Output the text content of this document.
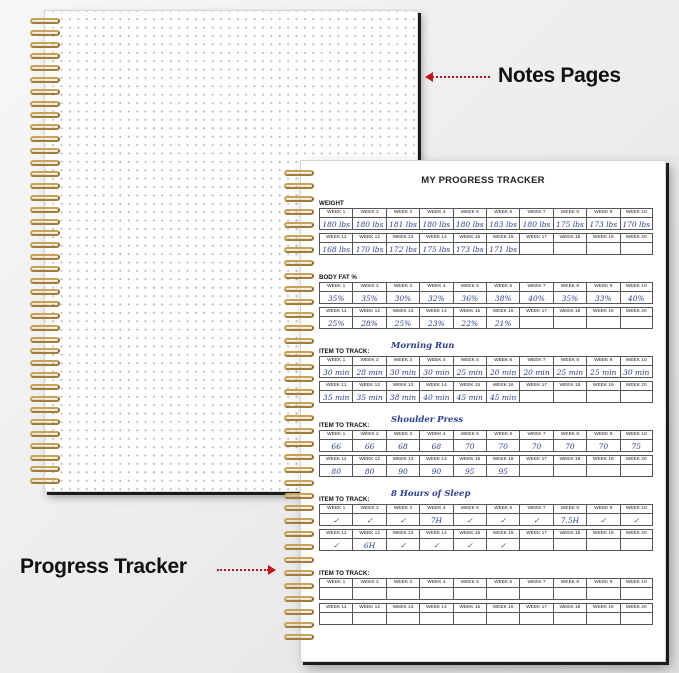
MY PROGRESS TRACKER
WEIGHT
WEEK 1	WEEK 2	WEEK 3	WEEK 4	WEEK 5	WEEK 6	WEEK 7	WEEK 8	WEEK 9	WEEK 10
180 lbs 180 lbs 181 lbs 180 lbs 180 lbs 183 lbs 180 lbs 175 lbs 173 lbs 170 lbs
WEEK 11	WEEK 12	WEEK 13	WEEK 14	WEEK 15	WEEK 16	WEEK 17	WEEK 18	WEEK 19	WEEK 20
168 lbs 170 lbs 172 lbs 175 lbs 173 lbs 171 lbs
BODY FAT %
WEEK 1	WEEK 2	WEEK 3	WEEK 4	WEEK 5	WEEK 6	WEEK 7	WEEK 8	WEEK 9	WEEK 10
35%	35%	30%	32%	36%	38%	40%	35%	33%	40%
WEEK 11	WEEK 12	WEEK 13	WEEK 14	WEEK 15	WEEK 16	WEEK 17	WEEK 18	WEEK 19	WEEK 20
25%	28%	25%	23%	22%	21%
ITEM TO TRACK:
Morning Run
WEEK 1	WEEK 2	WEEK 3	WEEK 4	WEEK 5	WEEK 6	WEEK 7	WEEK 8	WEEK 9	WEEK 10
30 min 28 min 30 min 30 min 25 min 20 min 20 min 25 min 25 min 30 min
WEEK 11	WEEK 12	WEEK 13	WEEK 14	WEEK 15	WEEK 16	WEEK 17	WEEK 18	WEEK 19	WEEK 20
35 min 35 min 38 min 40 min 45 min 45 min
ITEM TO TRACK:
Shoulder Press
WEEK 1	WEEK 2	WEEK 3	WEEK 4	WEEK 5	WEEK 6	WEEK 7	WEEK 8	WEEK 9	WEEK 10
66	66	68	68	70	70	70	70	70	75
WEEK 11	WEEK 12	WEEK 13	WEEK 14	WEEK 15	WEEK 16	WEEK 17	WEEK 18	WEEK 19	WEEK 20
80	80	90	90	95	95
ITEM TO TRACK:
8 Hours of Sleep
WEEK 1	WEEK 2	WEEK 3	WEEK 4	WEEK 5	WEEK 6	WEEK 7	WEEK 8	WEEK 9	WEEK 10
✓	✓	✓	7H	✓	✓	✓	7.5H	✓	✓
WEEK 11	WEEK 12	WEEK 13	WEEK 14	WEEK 15	WEEK 16	WEEK 17	WEEK 18	WEEK 19	WEEK 20
✓	6H	✓	✓	✓	✓
ITEM TO TRACK:
WEEK 1	WEEK 2	WEEK 3	WEEK 4	WEEK 5	WEEK 6	WEEK 7	WEEK 8	WEEK 9	WEEK 10
WEEK 11	WEEK 12	WEEK 13	WEEK 14	WEEK 15	WEEK 16	WEEK 17	WEEK 18	WEEK 19	WEEK 20
Notes Pages
Progress Tracker
